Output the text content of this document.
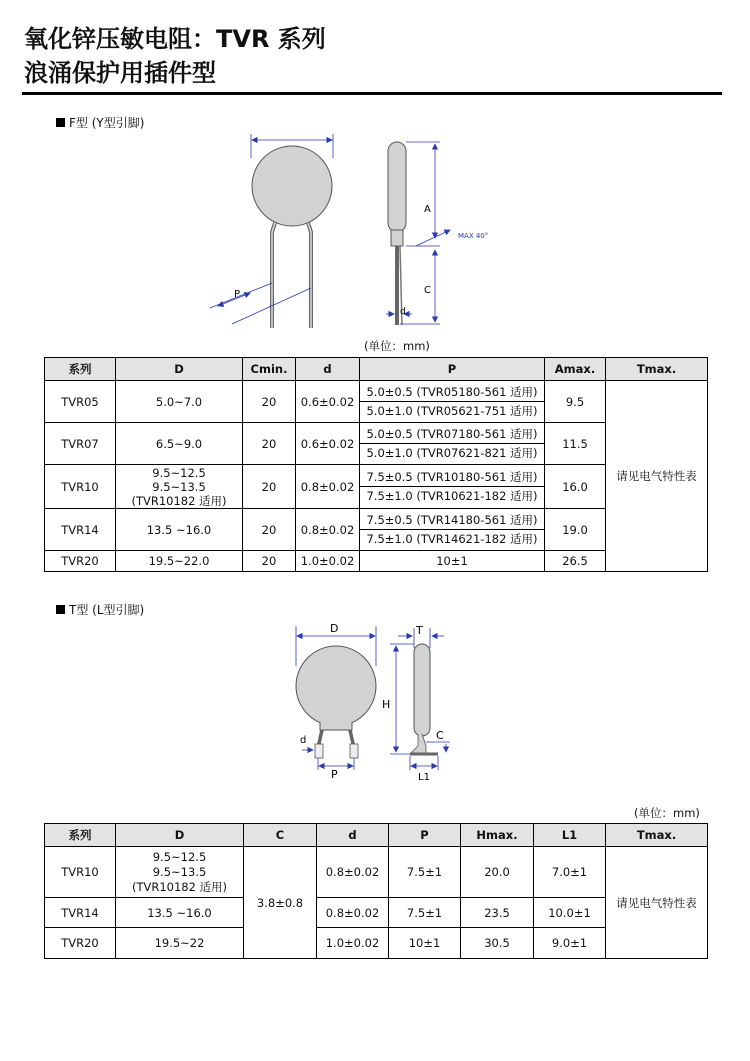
氧化锌压敏电阻：TVR 系列
浪涌保护用插件型
F型 (Y型引脚)
P
A
C
d
MAX 40°
(单位：mm)
系列	D	Cmin.	d	P	Amax.	Tmax.
TVR05	5.0~7.0	20	0.6±0.02	5.0±0.5 (TVR05180-561 适用)
5.0±1.0 (TVR05621-751 适用)	9.5	请见电气特性表
TVR07	6.5~9.0	20	0.6±0.02	5.0±0.5 (TVR07180-561 适用)
5.0±1.0 (TVR07621-821 适用)	11.5	
TVR10	9.5~12.5
9.5~13.5
(TVR10182 适用)	20	0.8±0.02	7.5±0.5 (TVR10180-561 适用)
7.5±1.0 (TVR10621-182 适用)	16.0	
TVR14	13.5 ~16.0	20	0.8±0.02	7.5±0.5 (TVR14180-561 适用)
7.5±1.0 (TVR14621-182 适用)	19.0	
TVR20	19.5~22.0	20	1.0±0.02	10±1	26.5	
T型 (L型引脚)
D
d
P
T
H
C
L1
(单位：mm)
系列	D	C	d	P	Hmax.	L1	Tmax.
TVR10	9.5~12.5
9.5~13.5
(TVR10182 适用)	3.8±0.8	0.8±0.02	7.5±1	20.0	7.0±1	请见电气特性表
TVR14	13.5 ~16.0		0.8±0.02	7.5±1	23.5	10.0±1	
TVR20	19.5~22		1.0±0.02	10±1	30.5	9.0±1	
